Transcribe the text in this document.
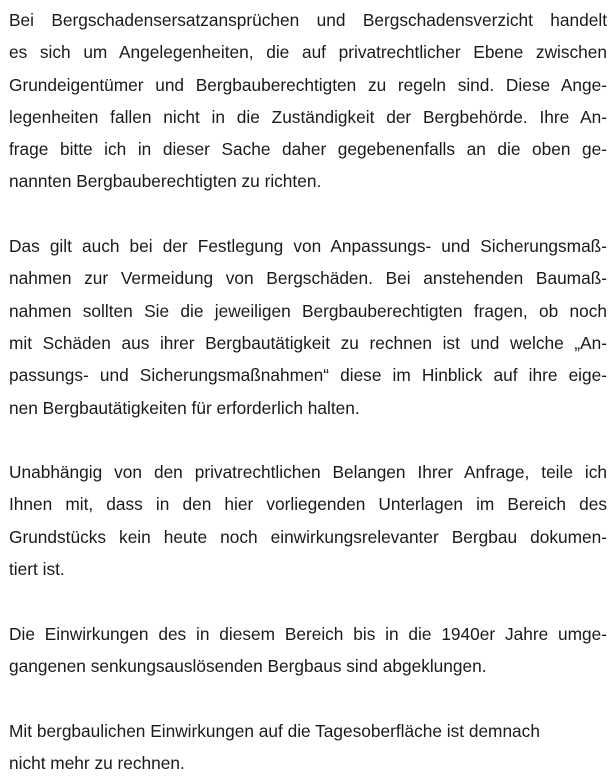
Bei Bergschadensersatzansprüchen und Bergschadensverzicht handelt
es sich um Angelegenheiten, die auf privatrechtlicher Ebene zwischen
Grundeigentümer und Bergbauberechtigten zu regeln sind. Diese Ange-
legenheiten fallen nicht in die Zuständigkeit der Bergbehörde. Ihre An-
frage bitte ich in dieser Sache daher gegebenenfalls an die oben ge-
nannten Bergbauberechtigten zu richten.

Das gilt auch bei der Festlegung von Anpassungs- und Sicherungsmaß-
nahmen zur Vermeidung von Bergschäden. Bei anstehenden Baumaß-
nahmen sollten Sie die jeweiligen Bergbauberechtigten fragen, ob noch
mit Schäden aus ihrer Bergbautätigkeit zu rechnen ist und welche „An-
passungs- und Sicherungsmaßnahmen“ diese im Hinblick auf ihre eige-
nen Bergbautätigkeiten für erforderlich halten.

Unabhängig von den privatrechtlichen Belangen Ihrer Anfrage, teile ich
Ihnen mit, dass in den hier vorliegenden Unterlagen im Bereich des
Grundstücks kein heute noch einwirkungsrelevanter Bergbau dokumen-
tiert ist.

Die Einwirkungen des in diesem Bereich bis in die 1940er Jahre umge-
gangenen senkungsauslösenden Bergbaus sind abgeklungen.

Mit bergbaulichen Einwirkungen auf die Tagesoberfläche ist demnach
nicht mehr zu rechnen.
